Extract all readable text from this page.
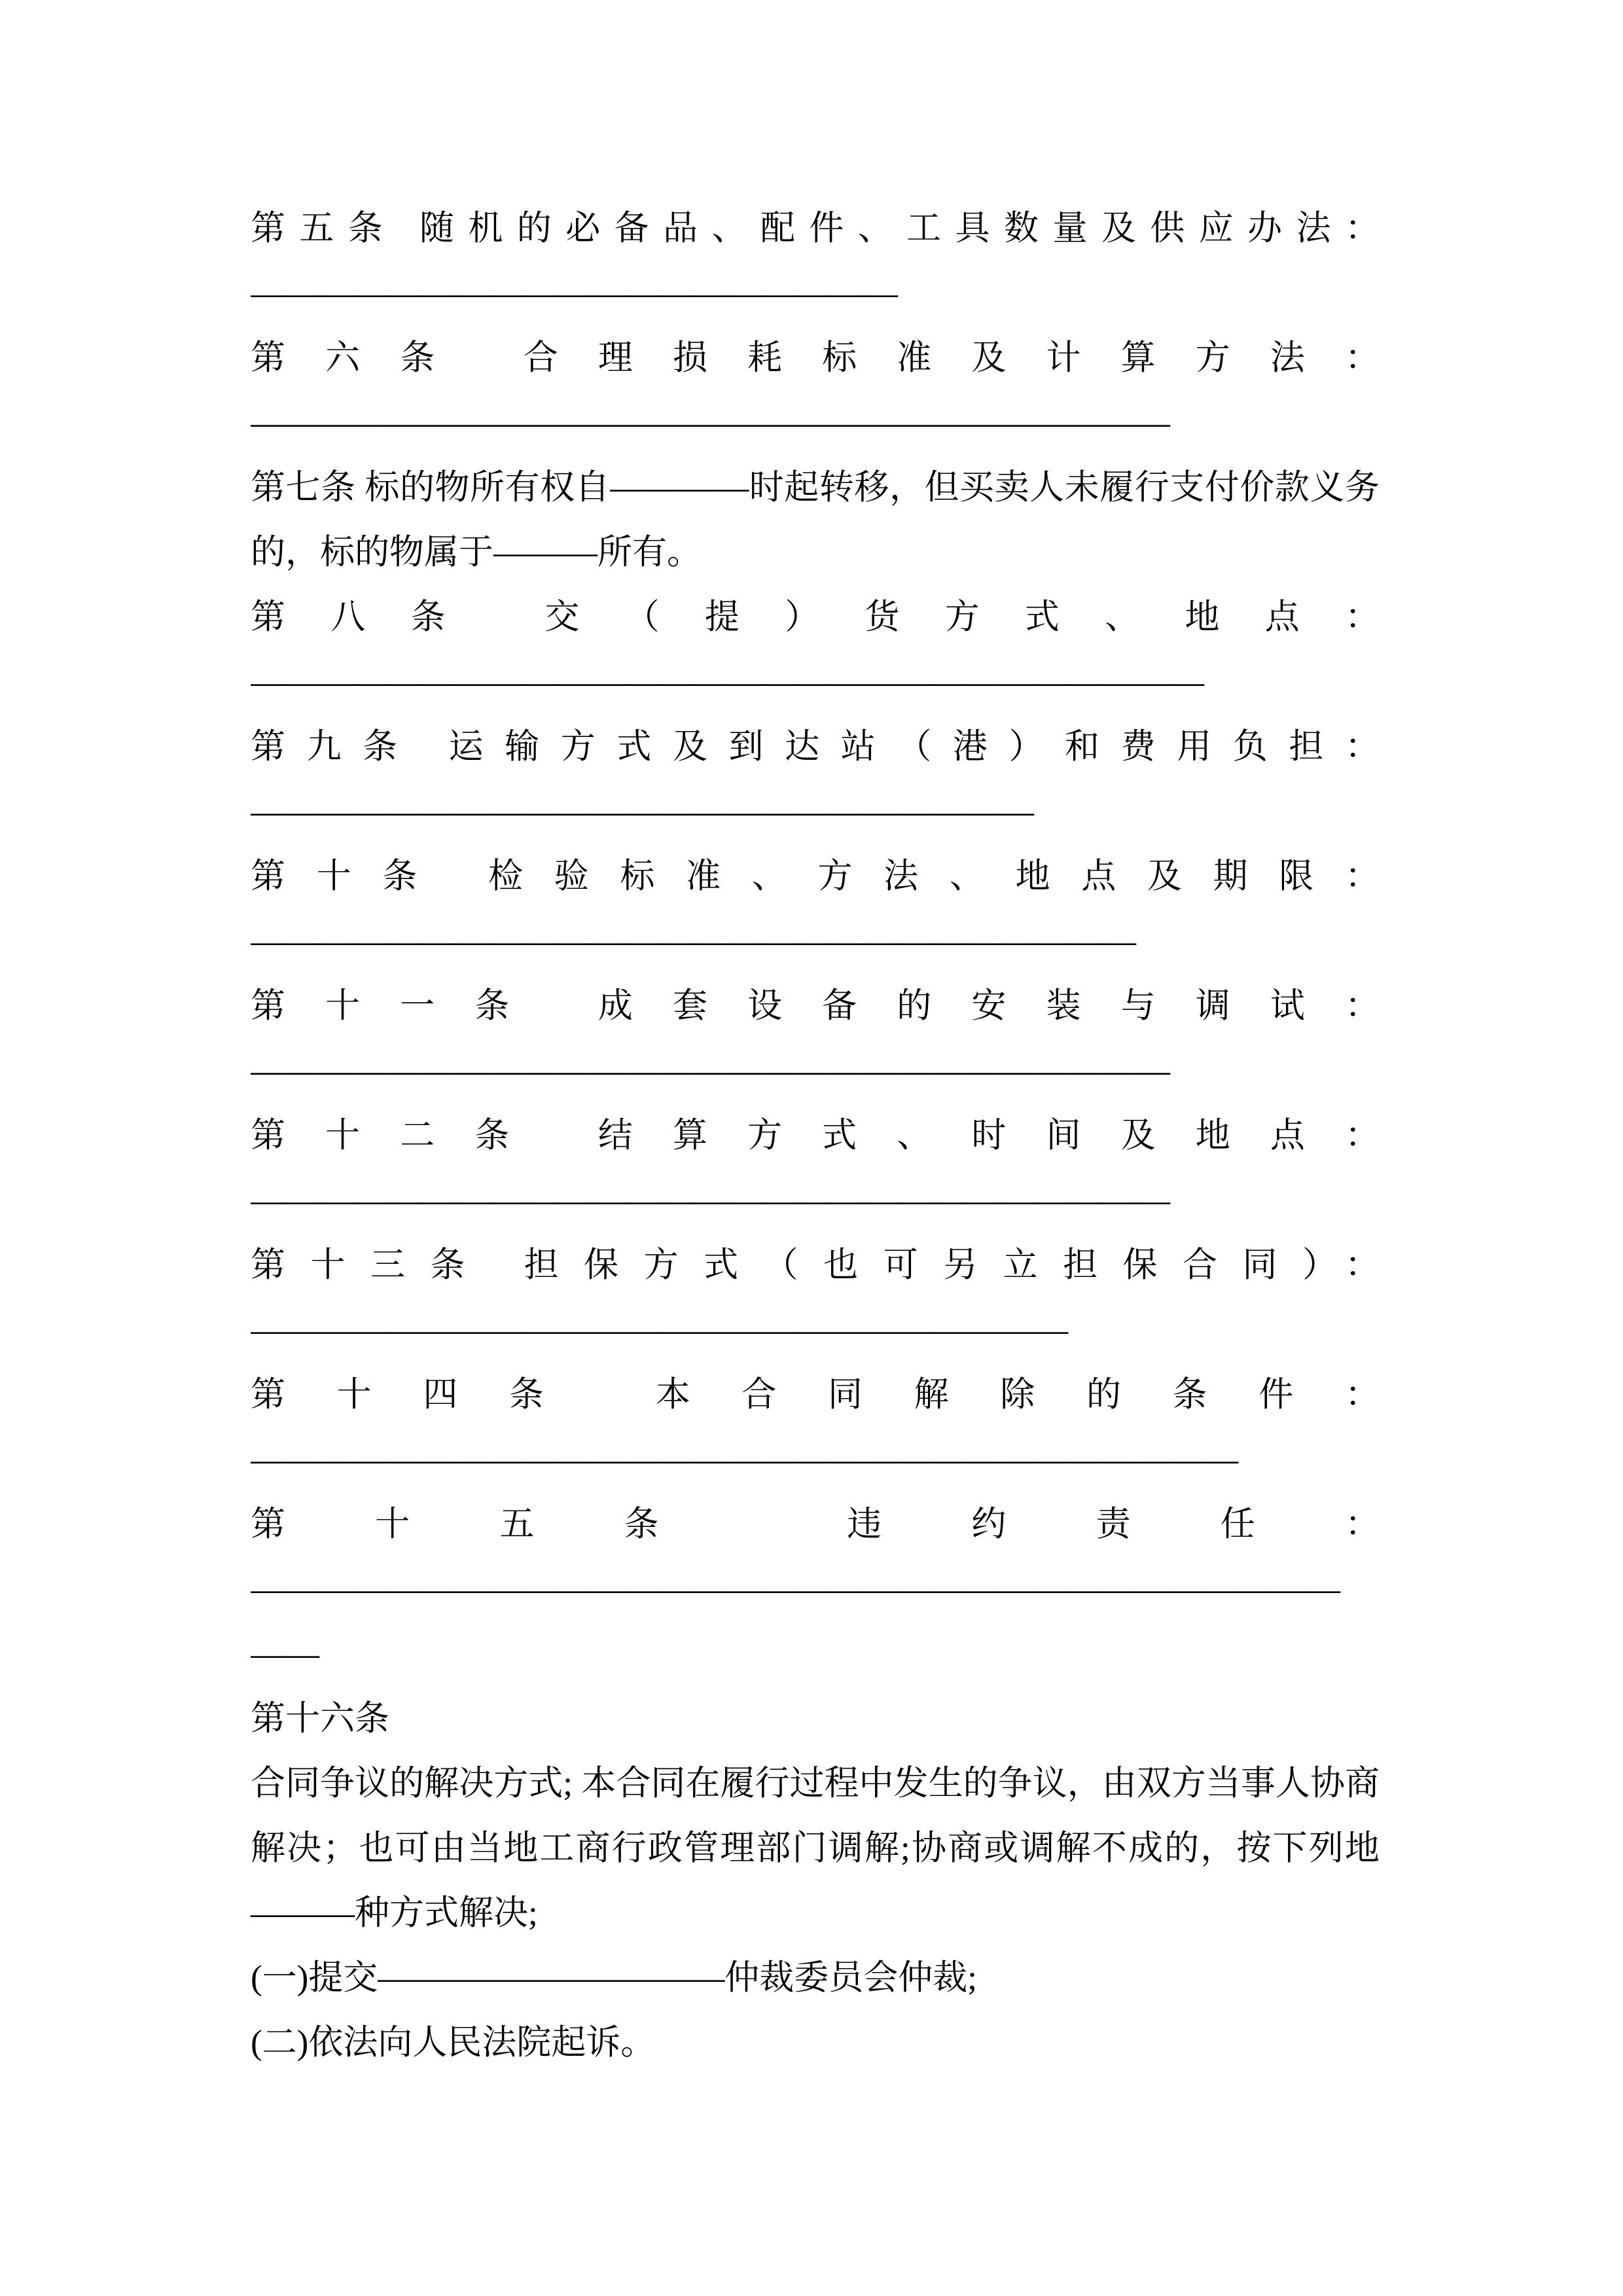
第五条 随机的必备品、配件、工具数量及供应办法：

———————————————————

第六条 合理损耗标准及计算方法：

———————————————————————————

第七条 标的物所有权自————时起转移，但买卖人未履行支付价款义务的，标的物属于———所有。

第八条 交（提）货方式、地点：

————————————————————————————

第九条 运输方式及到达站（港）和费用负担：

———————————————————————

第十条 检验标准、方法、地点及期限：

——————————————————————————

第十一条 成套设备的安装与调试：

———————————————————————————

第十二条 结算方式、时间及地点：

———————————————————————————

第十三条 担保方式（也可另立担保合同）：

————————————————————————

第十四条 本合同解除的条件：

—————————————————————————————

第十五条 违约责任：

————————————————————————————————

——

第十六条

合同争议的解决方式; 本合同在履行过程中发生的争议，由双方当事人协商解决；也可由当地工商行政管理部门调解;协商或调解不成的，按下列地———种方式解决;

(一)提交——————————仲裁委员会仲裁;

(二)依法向人民法院起诉。
